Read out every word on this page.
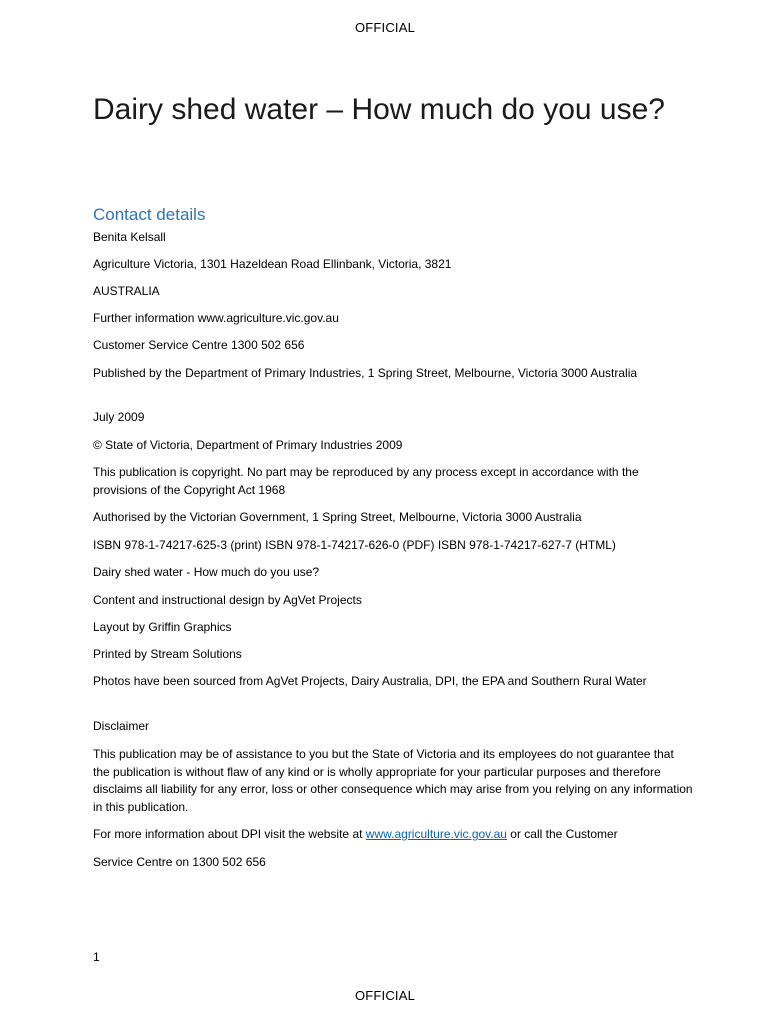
OFFICIAL
Dairy shed water – How much do you use?
Contact details

Benita Kelsall

Agriculture Victoria, 1301 Hazeldean Road Ellinbank, Victoria, 3821

AUSTRALIA

Further information www.agriculture.vic.gov.au

Customer Service Centre 1300 502 656

Published by the Department of Primary Industries, 1 Spring Street, Melbourne, Victoria 3000 Australia

July 2009

© State of Victoria, Department of Primary Industries 2009

This publication is copyright. No part may be reproduced by any process except in accordance with the provisions of the Copyright Act 1968

Authorised by the Victorian Government, 1 Spring Street, Melbourne, Victoria 3000 Australia

ISBN 978-1-74217-625-3 (print) ISBN 978-1-74217-626-0 (PDF) ISBN 978-1-74217-627-7 (HTML)

Dairy shed water - How much do you use?

Content and instructional design by AgVet Projects

Layout by Griffin Graphics

Printed by Stream Solutions

Photos have been sourced from AgVet Projects, Dairy Australia, DPI, the EPA and Southern Rural Water

Disclaimer

This publication may be of assistance to you but the State of Victoria and its employees do not guarantee that the publication is without flaw of any kind or is wholly appropriate for your particular purposes and therefore disclaims all liability for any error, loss or other consequence which may arise from you relying on any information in this publication.

For more information about DPI visit the website at www.agriculture.vic.gov.au or call the Customer

Service Centre on 1300 502 656

1
OFFICIAL
